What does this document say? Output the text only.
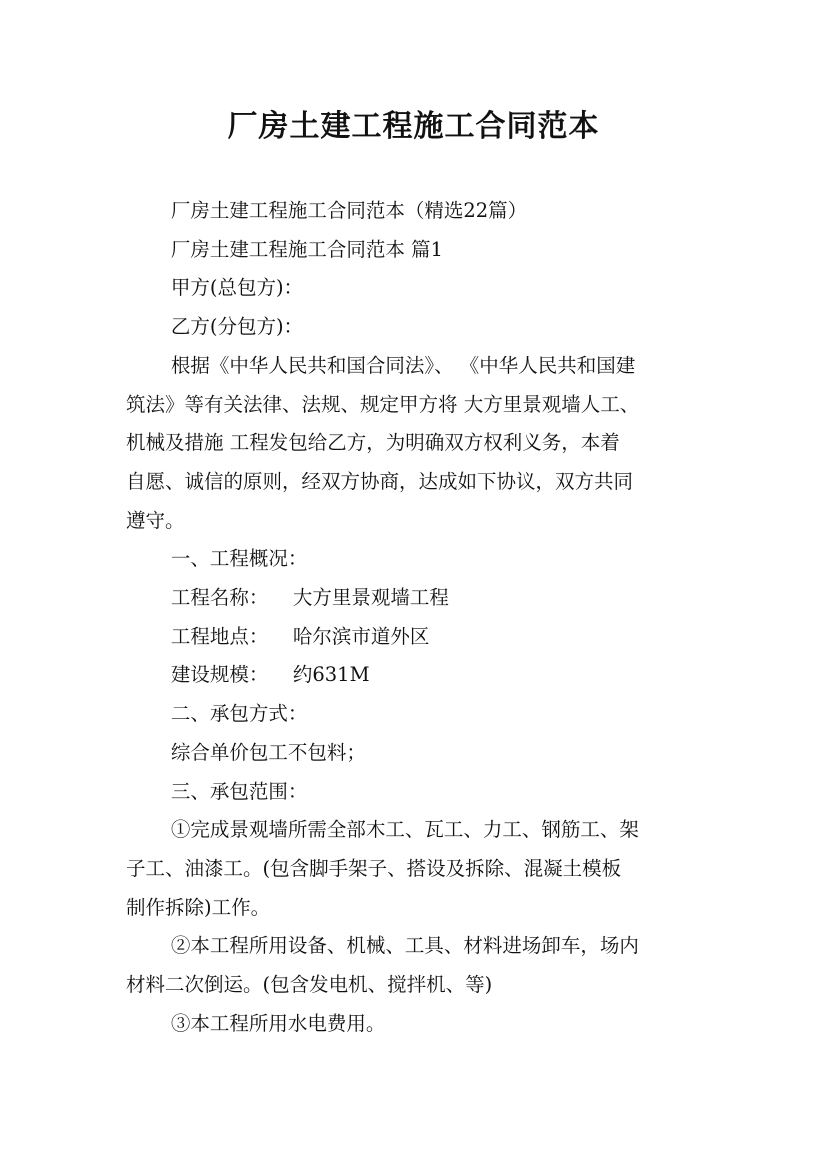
厂房土建工程施工合同范本

厂房土建工程施工合同范本（精选22篇）

厂房土建工程施工合同范本 篇1

甲方(总包方)：

乙方(分包方)：

根据《中华人民共和国合同法》、 《中华人民共和国建

筑法》等有关法律、法规、规定甲方将 大方里景观墙人工、

机械及措施 工程发包给乙方，为明确双方权利义务，本着

自愿、诚信的原则，经双方协商，达成如下协议，双方共同

遵守。

一、工程概况：

工程名称： 大方里景观墙工程

工程地点： 哈尔滨市道外区

建设规模： 约631M

二、承包方式：

综合单价包工不包料；

三、承包范围：

①完成景观墙所需全部木工、瓦工、力工、钢筋工、架

子工、油漆工。(包含脚手架子、搭设及拆除、混凝土模板

制作拆除)工作。

②本工程所用设备、机械、工具、材料进场卸车，场内

材料二次倒运。(包含发电机、搅拌机、等)

③本工程所用水电费用。
